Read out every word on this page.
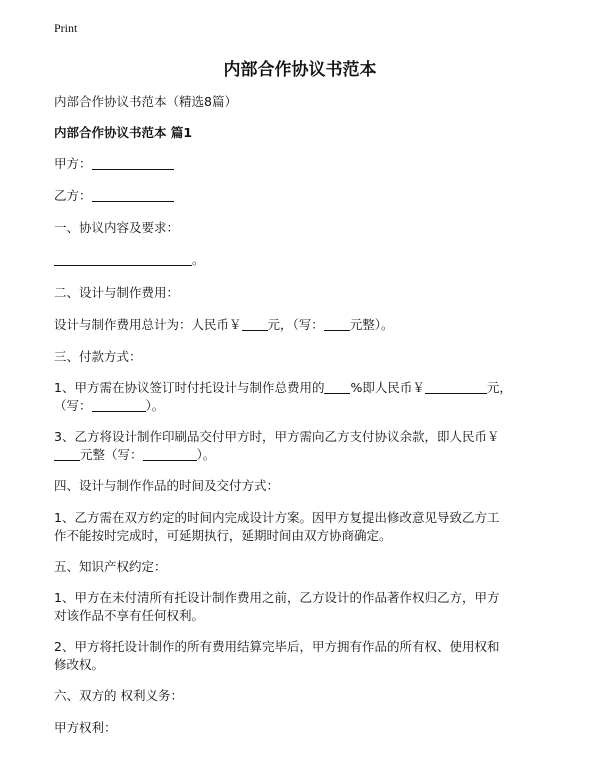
Print
内部合作协议书范本
内部合作协议书范本（精选8篇）
内部合作协议书范本 篇1
甲方：
乙方：
一、协议内容及要求：
。
二、设计与制作费用：
设计与制作费用总计为：人民币￥ 元，（写： 元整）。
三、付款方式：
1、甲方需在协议签订时付托设计与制作总费用的 %即人民币￥	元，
（写：	）。
3、乙方将设计制作印刷品交付甲方时，甲方需向乙方支付协议余款，即人民币￥
元整（写：	）。
四、设计与制作作品的时间及交付方式：
1、乙方需在双方约定的时间内完成设计方案。因甲方复提出修改意见导致乙方工
作不能按时完成时，可延期执行，延期时间由双方协商确定。
五、知识产权约定：
1、甲方在未付清所有托设计制作费用之前，乙方设计的作品著作权归乙方，甲方
对该作品不享有任何权利。
2、甲方将托设计制作的所有费用结算完毕后，甲方拥有作品的所有权、使用权和
修改权。
六、双方的 权利义务：
甲方权利：
